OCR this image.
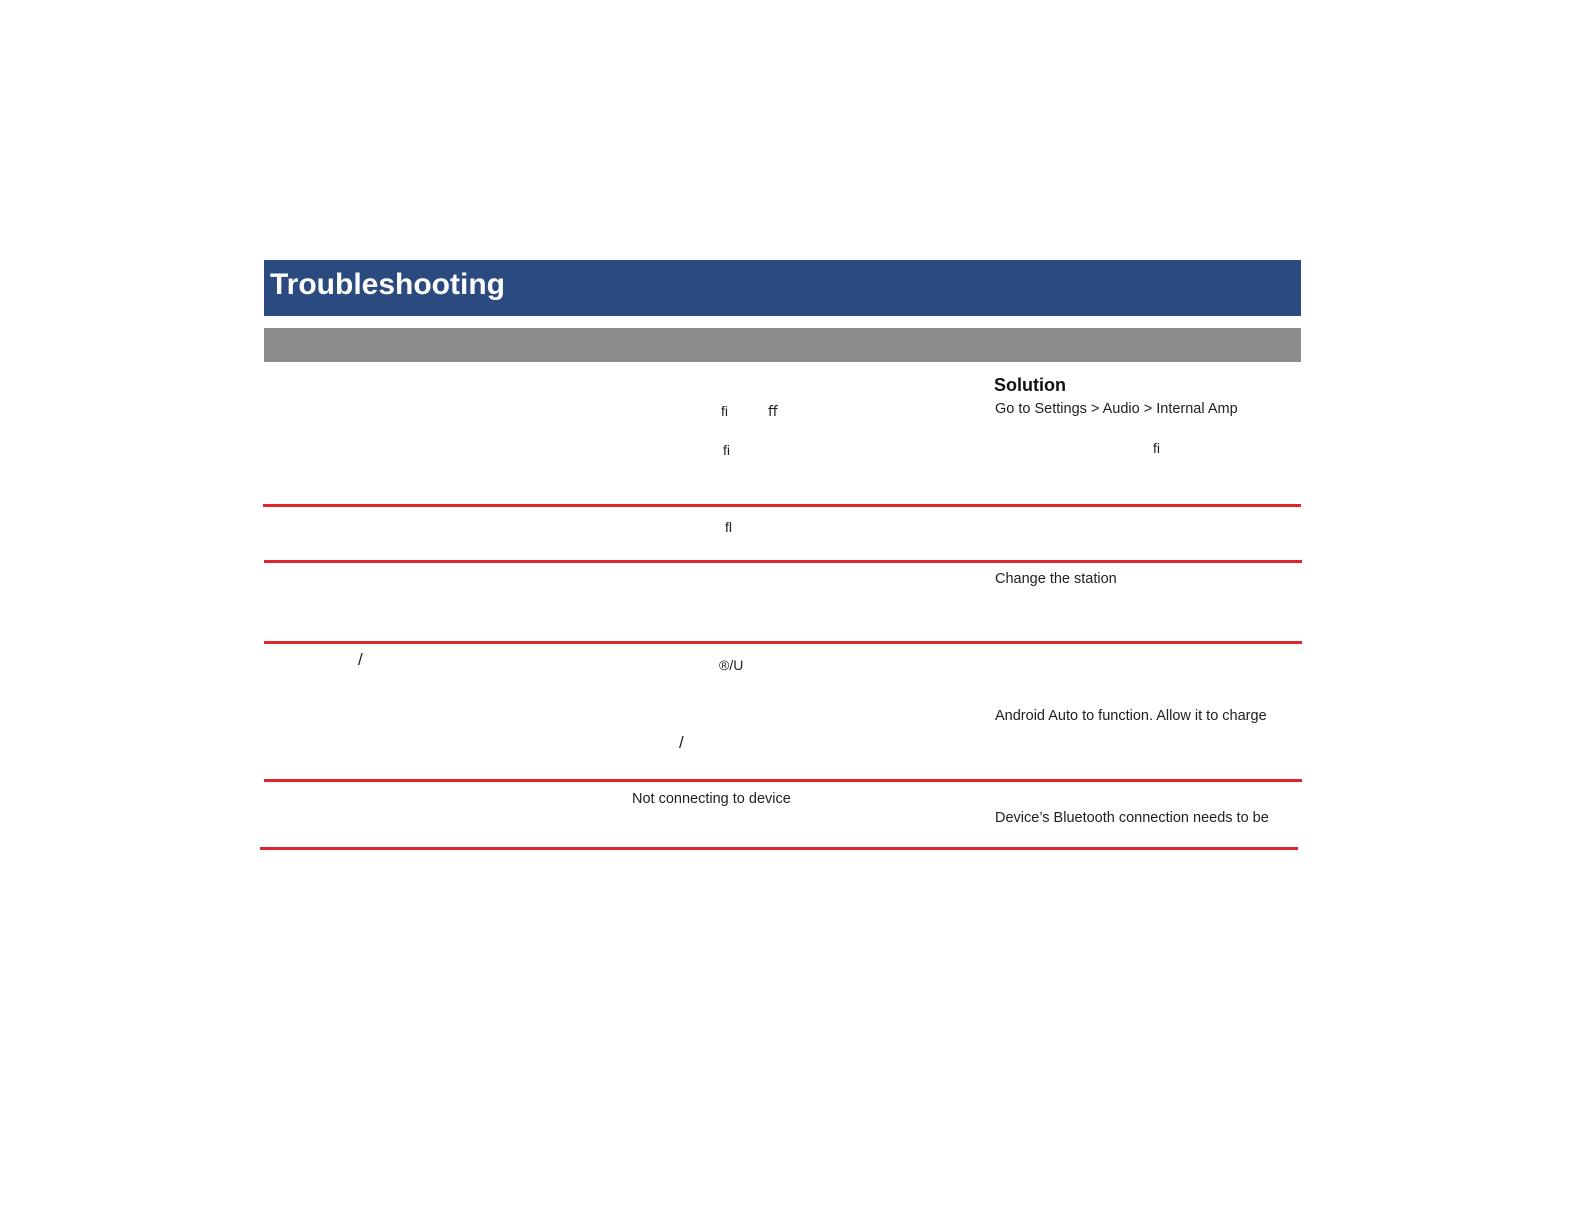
Troubleshooting
Solution
ﬁ	ﬀ
ﬁ
Go to Settings > Audio > Internal Amp
ﬁ
ﬂ
Change the station
/	®/U
/
Android Auto to function. Allow it to charge
Not connecting to device
Device’s Bluetooth connection needs to be
